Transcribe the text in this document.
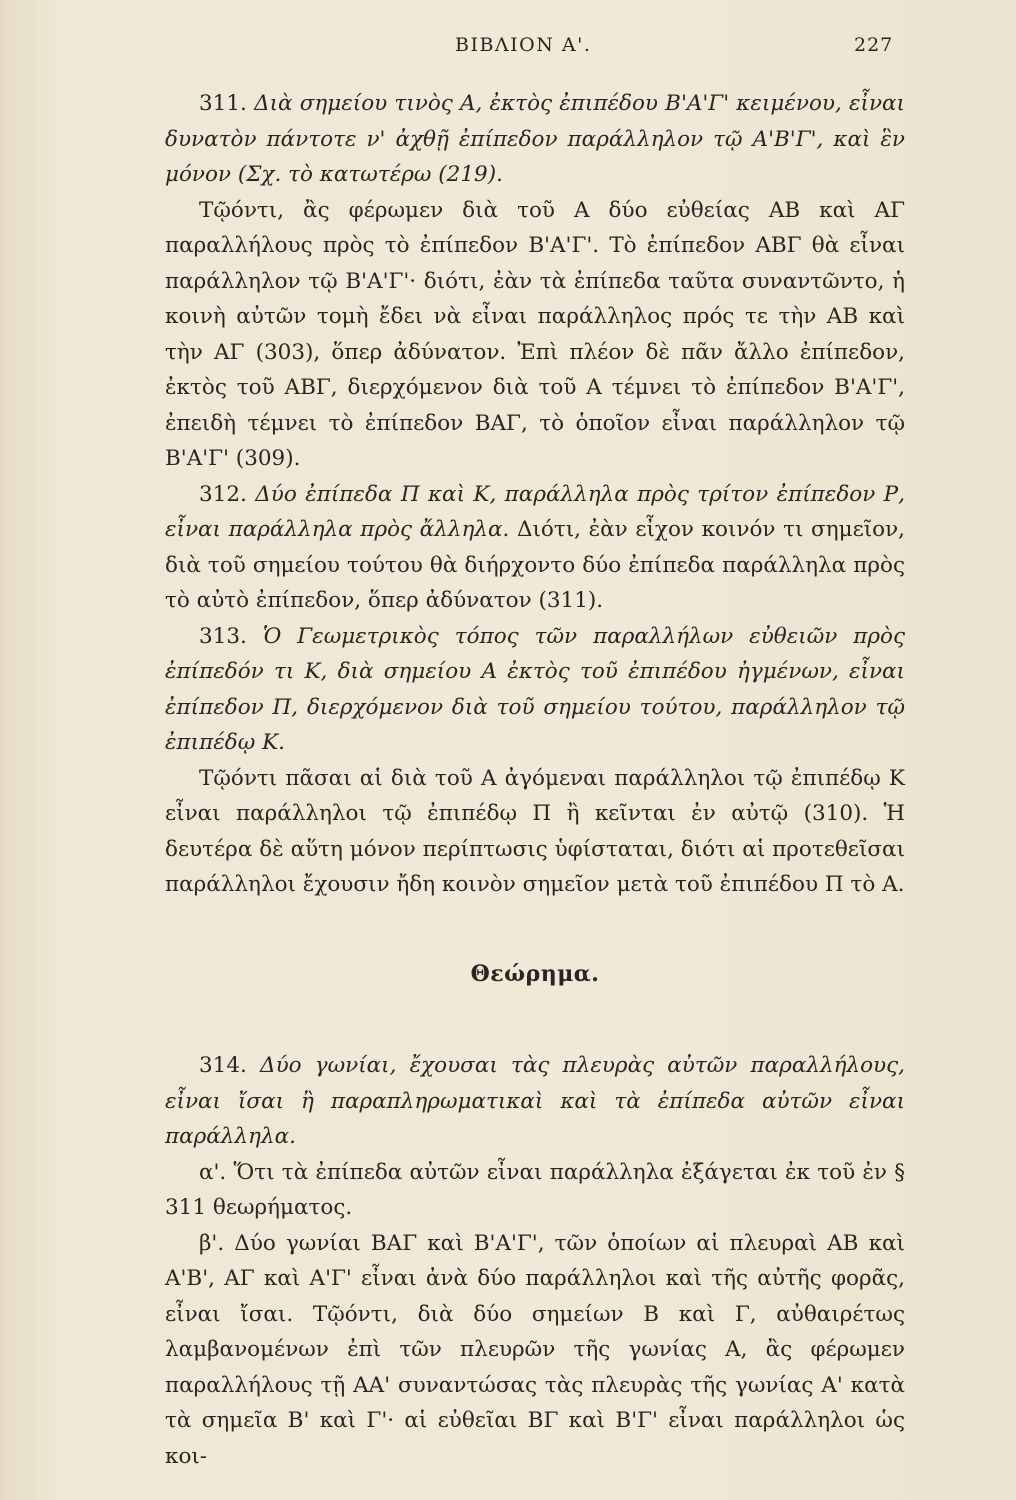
ΒΙΒΛΙΟΝ Α'.	227

311. Διὰ σημείου τινὸς Α, ἐκτὸς ἐπιπέδου Β'Α'Γ' κειμένου, εἶναι δυνατὸν πάντοτε ν' ἀχθῇ ἐπίπεδον παράλληλον τῷ Α'Β'Γ', καὶ ἓν μόνον (Σχ. τὸ κατωτέρω (219).

Τῷόντι, ἂς φέρωμεν διὰ τοῦ Α δύο εὐθείας ΑΒ καὶ ΑΓ παραλλήλους πρὸς τὸ ἐπίπεδον Β'Α'Γ'. Τὸ ἐπίπεδον ΑΒΓ θὰ εἶναι παράλληλον τῷ Β'Α'Γ'· διότι, ἐὰν τὰ ἐπίπεδα ταῦτα συναντῶντο, ἡ κοινὴ αὐτῶν τομὴ ἔδει νὰ εἶναι παράλληλος πρός τε τὴν ΑΒ καὶ τὴν ΑΓ (303), ὅπερ ἀδύνατον. Ἐπὶ πλέον δὲ πᾶν ἄλλο ἐπίπεδον, ἐκτὸς τοῦ ΑΒΓ, διερχόμενον διὰ τοῦ Α τέμνει τὸ ἐπίπεδον Β'Α'Γ', ἐπειδὴ τέμνει τὸ ἐπίπεδον ΒΑΓ, τὸ ὁποῖον εἶναι παράλληλον τῷ Β'Α'Γ' (309).

312. Δύο ἐπίπεδα Π καὶ Κ, παράλληλα πρὸς τρίτον ἐπίπεδον Ρ, εἶναι παράλληλα πρὸς ἄλληλα. Διότι, ἐὰν εἶχον κοινόν τι σημεῖον, διὰ τοῦ σημείου τούτου θὰ διήρχοντο δύο ἐπίπεδα παράλληλα πρὸς τὸ αὐτὸ ἐπίπεδον, ὅπερ ἀδύνατον (311).

313. Ὁ Γεωμετρικὸς τόπος τῶν παραλλήλων εὐθειῶν πρὸς ἐπίπεδόν τι Κ, διὰ σημείου Α ἐκτὸς τοῦ ἐπιπέδου ἠγμένων, εἶναι ἐπίπεδον Π, διερχόμενον διὰ τοῦ σημείου τούτου, παράλληλον τῷ ἐπιπέδῳ Κ.

Τῷόντι πᾶσαι αἱ διὰ τοῦ Α ἀγόμεναι παράλληλοι τῷ ἐπιπέδῳ Κ εἶναι παράλληλοι τῷ ἐπιπέδῳ Π ἢ κεῖνται ἐν αὐτῷ (310). Ἡ δευτέρα δὲ αὕτη μόνον περίπτωσις ὑφίσταται, διότι αἱ προτεθεῖσαι παράλληλοι ἔχουσιν ἤδη κοινὸν σημεῖον μετὰ τοῦ ἐπιπέδου Π τὸ Α.

Θεώρημα.

314. Δύο γωνίαι, ἔχουσαι τὰς πλευρὰς αὐτῶν παραλλήλους, εἶναι ἴσαι ἢ παραπληρωματικαὶ καὶ τὰ ἐπίπεδα αὐτῶν εἶναι παράλληλα.

α'. Ὅτι τὰ ἐπίπεδα αὐτῶν εἶναι παράλληλα ἐξάγεται ἐκ τοῦ ἐν § 311 θεωρήματος.

β'. Δύο γωνίαι ΒΑΓ καὶ Β'Α'Γ', τῶν ὁποίων αἱ πλευραὶ ΑΒ καὶ Α'Β', ΑΓ καὶ Α'Γ' εἶναι ἀνὰ δύο παράλληλοι καὶ τῆς αὐτῆς φορᾶς, εἶναι ἴσαι. Τῷόντι, διὰ δύο σημείων Β καὶ Γ, αὐθαιρέτως λαμβανομένων ἐπὶ τῶν πλευρῶν τῆς γωνίας Α, ἂς φέρωμεν παραλλήλους τῇ ΑΑ' συναντώσας τὰς πλευρὰς τῆς γωνίας Α' κατὰ τὰ σημεῖα Β' καὶ Γ'· αἱ εὐθεῖαι ΒΓ καὶ Β'Γ' εἶναι παράλληλοι ὡς κοι-
